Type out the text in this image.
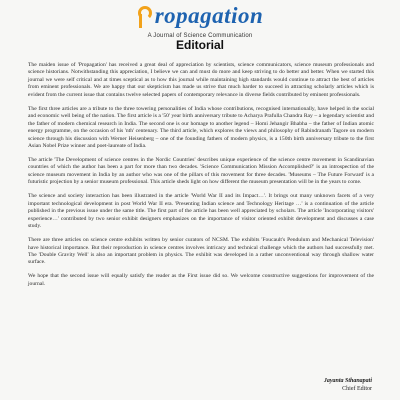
ropagation
A Journal of Science Communication
Editorial

The maiden issue of 'Propagation' has received a great deal of appreciation by scientists, science communicators, science museum professionals and science historians. Notwithstanding this appreciation, I believe we can and must do more and keep striving to do better and better. When we started this journal we were self critical and at times sceptical as to how this journal while maintaining high standards would continue to attract the best of articles from eminent professionals. We are happy that our skepticism has made us strive that much harder to succeed in attracting scholarly articles which is evident from the current issue that contains twelve selected papers of contemporary relevance in diverse fields contributed by eminent professionals.

The first three articles are a tribute to the three towering personalities of India whose contributions, recognised internationally, have helped in the social and economic well being of the nation. The first article is a '50' year birth anniversary tribute to Acharya Prafulla Chandra Ray – a legendary scientist and the father of modern chemical research in India. The second one is our homage to another legend – Homi Jehangir Bhabha – the father of Indian atomic energy programme, on the occasion of his 'nth' centenary. The third article, which explores the views and philosophy of Rabindranath Tagore on modern science through his discussion with Werner Heisenberg – one of the founding fathers of modern physics, is a 150th birth anniversary tribute to the first Asian Nobel Prize winner and poet-laureate of India.

The article 'The Development of science centres in the Nordic Countries' describes unique experience of the science centre movement in Scandinavian countries of which the author has been a part for more than two decades. 'Science Communication Mission Accomplished?' is an introspection of the science museum movement in India by an author who was one of the pillars of this movement for three decades. 'Museums – The Future Forward' is a futuristic projection by a senior museum professional. This article sheds light on how different the museum presentation will be in the years to come.

The science and society interaction has been illustrated in the article 'World War II and its Impact…'. It brings out many unknown facets of a very important technological development in post World War II era. 'Presenting Indian science and Technology Heritage …' is a continuation of the article published in the previous issue under the same title. The first part of the article has been well appreciated by scholars. The article 'Incorporating visitors' experience…' contributed by two senior exhibit designers emphasizes on the importance of visitor oriented exhibit development and discusses a case study.

There are three articles on science centre exhibits written by senior curators of NCSM. The exhibits 'Foucault's Pendulum and Mechanical Television' have historical importance. But their reproduction in science centres involves intricacy and technical challenge which the authors had successfully met. The 'Double Gravity Well' is also an important problem in physics. The exhibit was developed in a rather unconventional way through shallow water surface.

We hope that the second issue will equally satisfy the reader as the First issue did so. We welcome constructive suggestions for improvement of the journal.

Jayanta Sthanapati
Chief Editor
